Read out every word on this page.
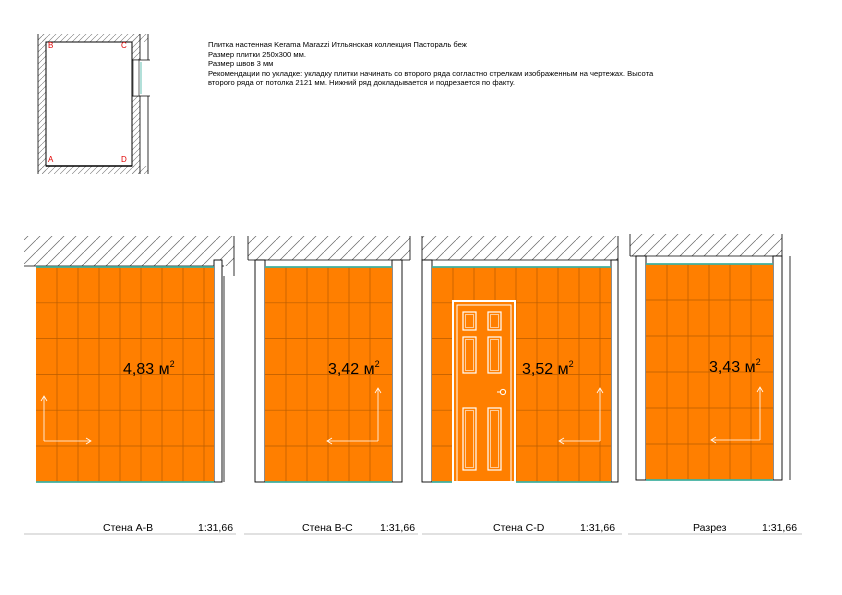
Плитка настенная Kerama Marazzi Итльянская коллекция Пастораль беж
Размер плитки 250x300 мм.
Размер швов 3 мм
Рекомендации по укладке: укладку плитки начинать со второго ряда согластно стрелкам изображенным на чертежах. Высота
второго ряда от потолка 2121 мм. Нижний ряд докладывается и подрезается по факту.
B	C
A	D
4,83 $м^2$	3,42 $м^2$	3,52 $м^2$	3,43 $м^2$
Стена A-B	1:31,66	Стена B-C	1:31,66	Стена C-D	1:31,66	Разрез	1:31,66
